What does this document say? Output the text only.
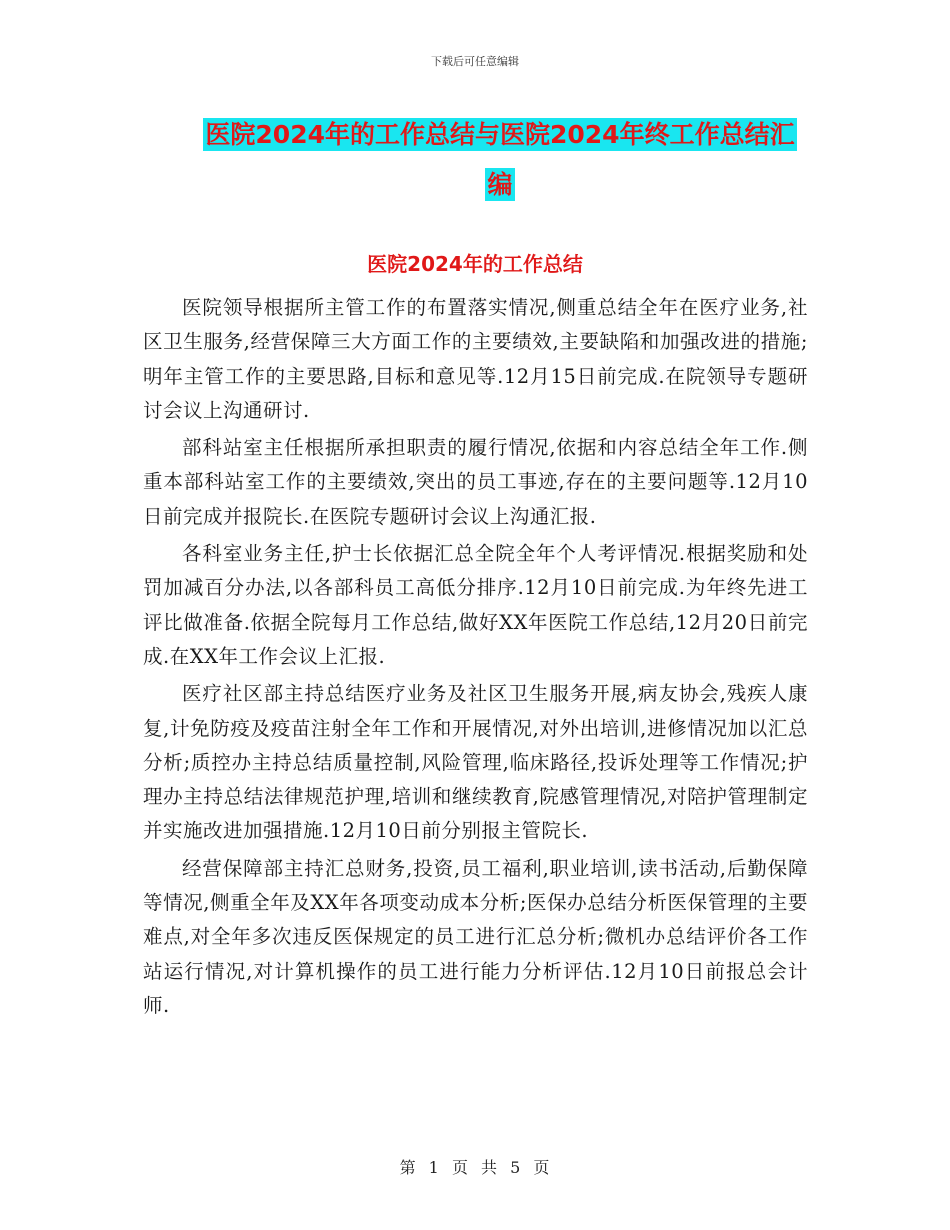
下载后可任意编辑
医院2024年的工作总结与医院2024年终工作总结汇
编
医院2024年的工作总结

医院领导根据所主管工作的布置落实情况,侧重总结全年在医疗业务,社区卫生服务,经营保障三大方面工作的主要绩效,主要缺陷和加强改进的措施;明年主管工作的主要思路,目标和意见等.12月15日前完成.在院领导专题研讨会议上沟通研讨.

部科站室主任根据所承担职责的履行情况,依据和内容总结全年工作.侧重本部科站室工作的主要绩效,突出的员工事迹,存在的主要问题等.12月10日前完成并报院长.在医院专题研讨会议上沟通汇报.

各科室业务主任,护士长依据汇总全院全年个人考评情况.根据奖励和处罚加减百分办法,以各部科员工高低分排序.12月10日前完成.为年终先进工评比做准备.依据全院每月工作总结,做好XX年医院工作总结,12月20日前完成.在XX年工作会议上汇报.

医疗社区部主持总结医疗业务及社区卫生服务开展,病友协会,残疾人康复,计免防疫及疫苗注射全年工作和开展情况,对外出培训,进修情况加以汇总分析;质控办主持总结质量控制,风险管理,临床路径,投诉处理等工作情况;护理办主持总结法律规范护理,培训和继续教育,院感管理情况,对陪护管理制定并实施改进加强措施.12月10日前分别报主管院长.

经营保障部主持汇总财务,投资,员工福利,职业培训,读书活动,后勤保障等情况,侧重全年及XX年各项变动成本分析;医保办总结分析医保管理的主要难点,对全年多次违反医保规定的员工进行汇总分析;微机办总结评价各工作站运行情况,对计算机操作的员工进行能力分析评估.12月10日前报总会计师.

第 1 页 共 5 页
